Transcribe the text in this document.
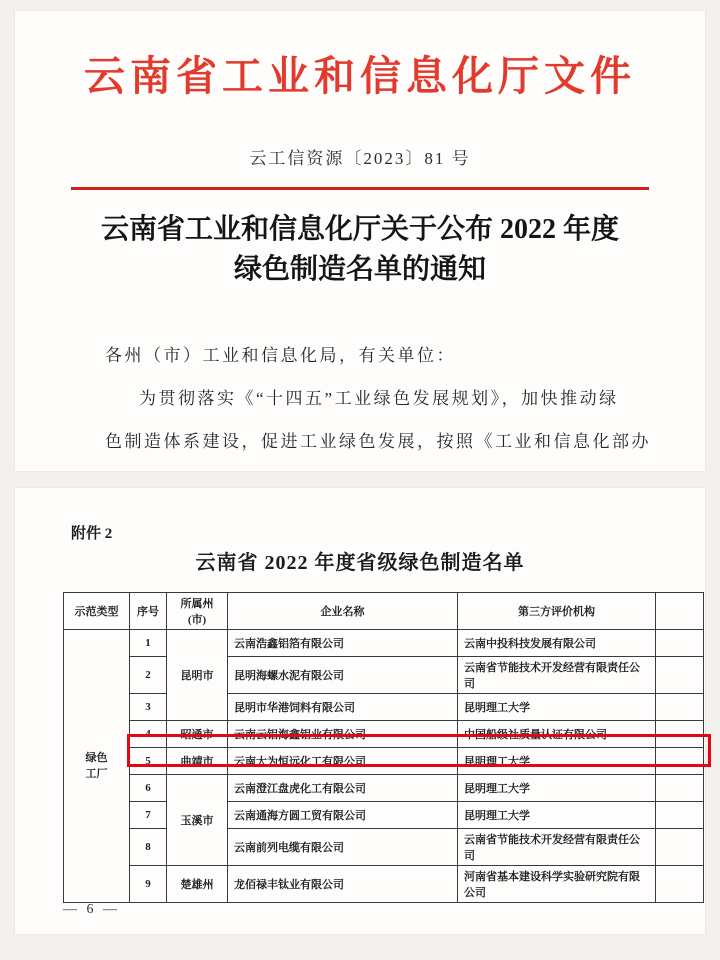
云南省工业和信息化厅文件
云工信资源〔2023〕81 号
云南省工业和信息化厅关于公布 2022 年度
绿色制造名单的通知
各州（市）工业和信息化局，有关单位：
为贯彻落实《“十四五”工业绿色发展规划》，加快推动绿
色制造体系建设，促进工业绿色发展，按照《工业和信息化部办
附件 2
云南省 2022 年度省级绿色制造名单
示范类型	序号	所属州(市)	企业名称	第三方评价机构	

绿色
工厂	1	昆明市	云南浩鑫铝箔有限公司	云南中投科技发展有限公司	
	2		昆明海螺水泥有限公司	云南省节能技术开发经营有限责任公司	
	3		昆明市华港饲料有限公司	昆明理工大学	
	4	昭通市	云南云铝海鑫铝业有限公司	中国船级社质量认证有限公司	
	5	曲靖市	云南大为恒远化工有限公司	昆明理工大学	
	6	玉溪市	云南澄江盘虎化工有限公司	昆明理工大学	
	7		云南通海方圆工贸有限公司	昆明理工大学	
	8		云南前列电缆有限公司	云南省节能技术开发经营有限责任公司	
	9	楚雄州	龙佰禄丰钛业有限公司	河南省基本建设科学实验研究院有限公司	
— 6 —
